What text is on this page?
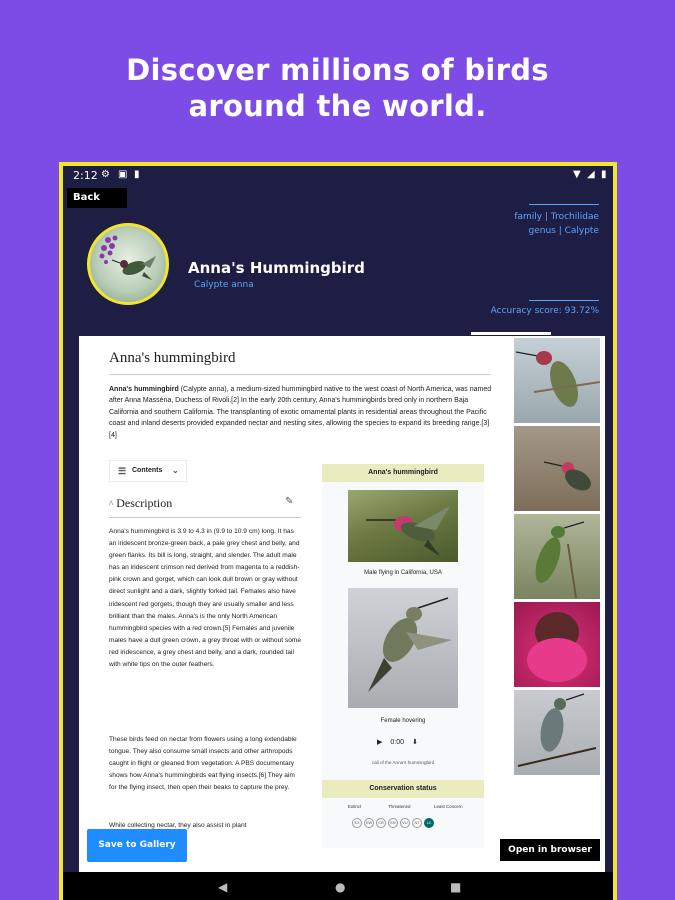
Discover millions of birds
around the world.
2:12 ⚙ ▣ ▮	▼ ◢ ▮
Back
family | Trochilidae
genus | Calypte
Anna's Hummingbird
Calypte anna
Accuracy score: 93.72%
Anna's hummingbird
Anna's hummingbird (Calypte anna), a medium-sized hummingbird native to the west coast of North America, was named after Anna Masséna, Duchess of Rivoli.[2] In the early 20th century, Anna's hummingbirds bred only in northern Baja California and southern California. The transplanting of exotic ornamental plants in residential areas throughout the Pacific coast and inland deserts provided expanded nectar and nesting sites, allowing the species to expand its breeding range.[3][4]
☰ Contents ⌄
^ Description	✎
Anna's hummingbird is 3.9 to 4.3 in (9.9 to 10.9 cm) long. It has an iridescent bronze-green back, a pale grey chest and belly, and green flanks. Its bill is long, straight, and slender. The adult male has an iridescent crimson red derived from magenta to a reddish-pink crown and gorget, which can look dull brown or gray without direct sunlight and a dark, slightly forked tail. Females also have iridescent red gorgets, though they are usually smaller and less brilliant than the males. Anna's is the only North American hummingbird species with a red crown.[5] Females and juvenile males have a dull green crown, a grey throat with or without some red iridescence, a grey chest and belly, and a dark, rounded tail with white tips on the outer feathers.
These birds feed on nectar from flowers using a long extendable tongue. They also consume small insects and other arthropods caught in flight or gleaned from vegetation. A PBS documentary shows how Anna's hummingbirds eat flying insects.[6] They aim for the flying insect, then open their beaks to capture the prey.
While collecting nectar, they also assist in plant
Anna's hummingbird
Male flying in California, USA
Female hovering
▶ 0:00 ⬇
call of the Anna's hummingbird
Conservation status
Extinct	Threatened	Least Concern
EX EW CR EN VU NT LC
Save to Gallery	Open in browser
◀	●	■
